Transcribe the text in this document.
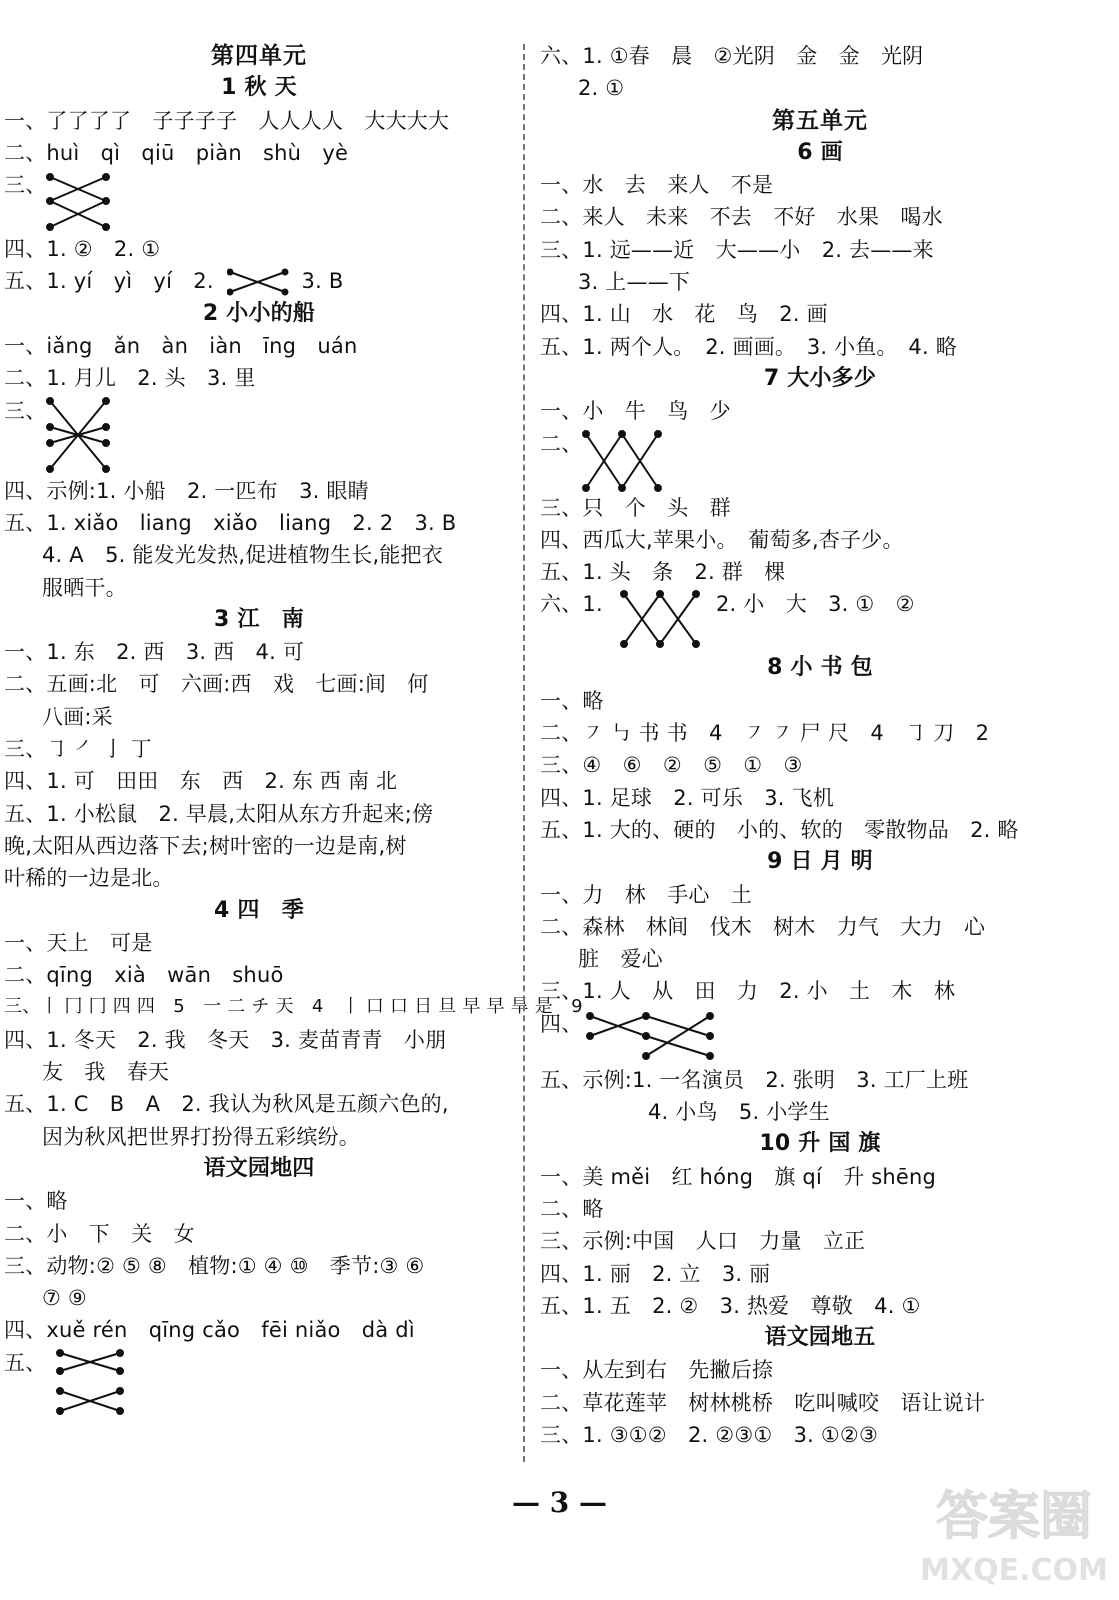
第四单元
1 秋 天
一、了了了了　子子子子　人人人人　大大大大
二、huì　qì　qiū　piàn　shù　yè
三、
四、1. ②　2. ①
五、1. yí　yì　yí　2.	3. B
2 小小的船
一、iǎng　ǎn　àn　iàn　īng　uán
二、1. 月儿　2. 头　3. 里
三、
四、示例:1. 小船　2. 一匹布　3. 眼睛
五、1. xiǎo　liang　xiǎo　liang　2. 2　3. B
4. A　5. 能发光发热,促进植物生长,能把衣
服晒干。
3 江　南
一、1. 东　2. 西　3. 西　4. 可
二、五画:北　可　六画:西　戏　七画:间　何
八画:采
三、㇆ ㇒ 亅 丁
四、1. 可　田田　东　西　2. 东 西 南 北
五、1. 小松鼠　2. 早晨,太阳从东方升起来;傍
晚,太阳从西边落下去;树叶密的一边是南,树
叶稀的一边是北。
4 四　季
一、天上　可是
二、qīng　xià　wān　shuō
三、丨 冂 冂 四 四　5　一 二 チ 天　4　丨 口 口 日 旦 早 早 旱 是　9
四、1. 冬天　2. 我　冬天　3. 麦苗青青　小朋
友　我　春天
五、1. C　B　A　2. 我认为秋风是五颜六色的,
因为秋风把世界打扮得五彩缤纷。
语文园地四
一、略
二、小　下　关　女
三、动物:② ⑤ ⑧　植物:① ④ ⑩　季节:③ ⑥
⑦ ⑨
四、xuě rén　qīng cǎo　fēi niǎo　dà dì
五、
六、1. ①春　晨　②光阴　金　金　光阴
2. ①
第五单元
6 画
一、水　去　来人　不是
二、来人　未来　不去　不好　水果　喝水
三、1. 远——近　大——小　2. 去——来
3. 上——下
四、1. 山　水　花　鸟　2. 画
五、1. 两个人。　2. 画画。　3. 小鱼。　4. 略
7 大小多少
一、小　牛　鸟　少
二、
三、只　个　头　群
四、西瓜大,苹果小。　葡萄多,杏子少。
五、1. 头　条　2. 群　棵
六、1.	2. 小　大　3. ①　②
8 小 书 包
一、略
二、㇇ ㇉ 书 书　4　㇇ ㇇ 尸 尺　4　㇆ 刀　2
三、④　⑥　②　⑤　①　③
四、1. 足球　2. 可乐　3. 飞机
五、1. 大的、硬的　小的、软的　零散物品　2. 略
9 日 月 明
一、力　林　手心　土
二、森林　林间　伐木　树木　力气　大力　心
脏　爱心
三、1. 人　从　田　力　2. 小　土　木　林
四、
五、示例:1. 一名演员　2. 张明　3. 工厂上班
4. 小鸟　5. 小学生
10 升 国 旗
一、美 měi　红 hóng　旗 qí　升 shēng
二、略
三、示例:中国　人口　力量　立正
四、1. 丽　2. 立　3. 丽
五、1. 五　2. ②　3. 热爱　尊敬　4. ①
语文园地五
一、从左到右　先撇后捺
二、草花莲苹　树林桃桥　吃叫喊咬　语让说计
三、1. ③①②　2. ②③①　3. ①②③
— 3 —	答案圈
MXQE.COM
